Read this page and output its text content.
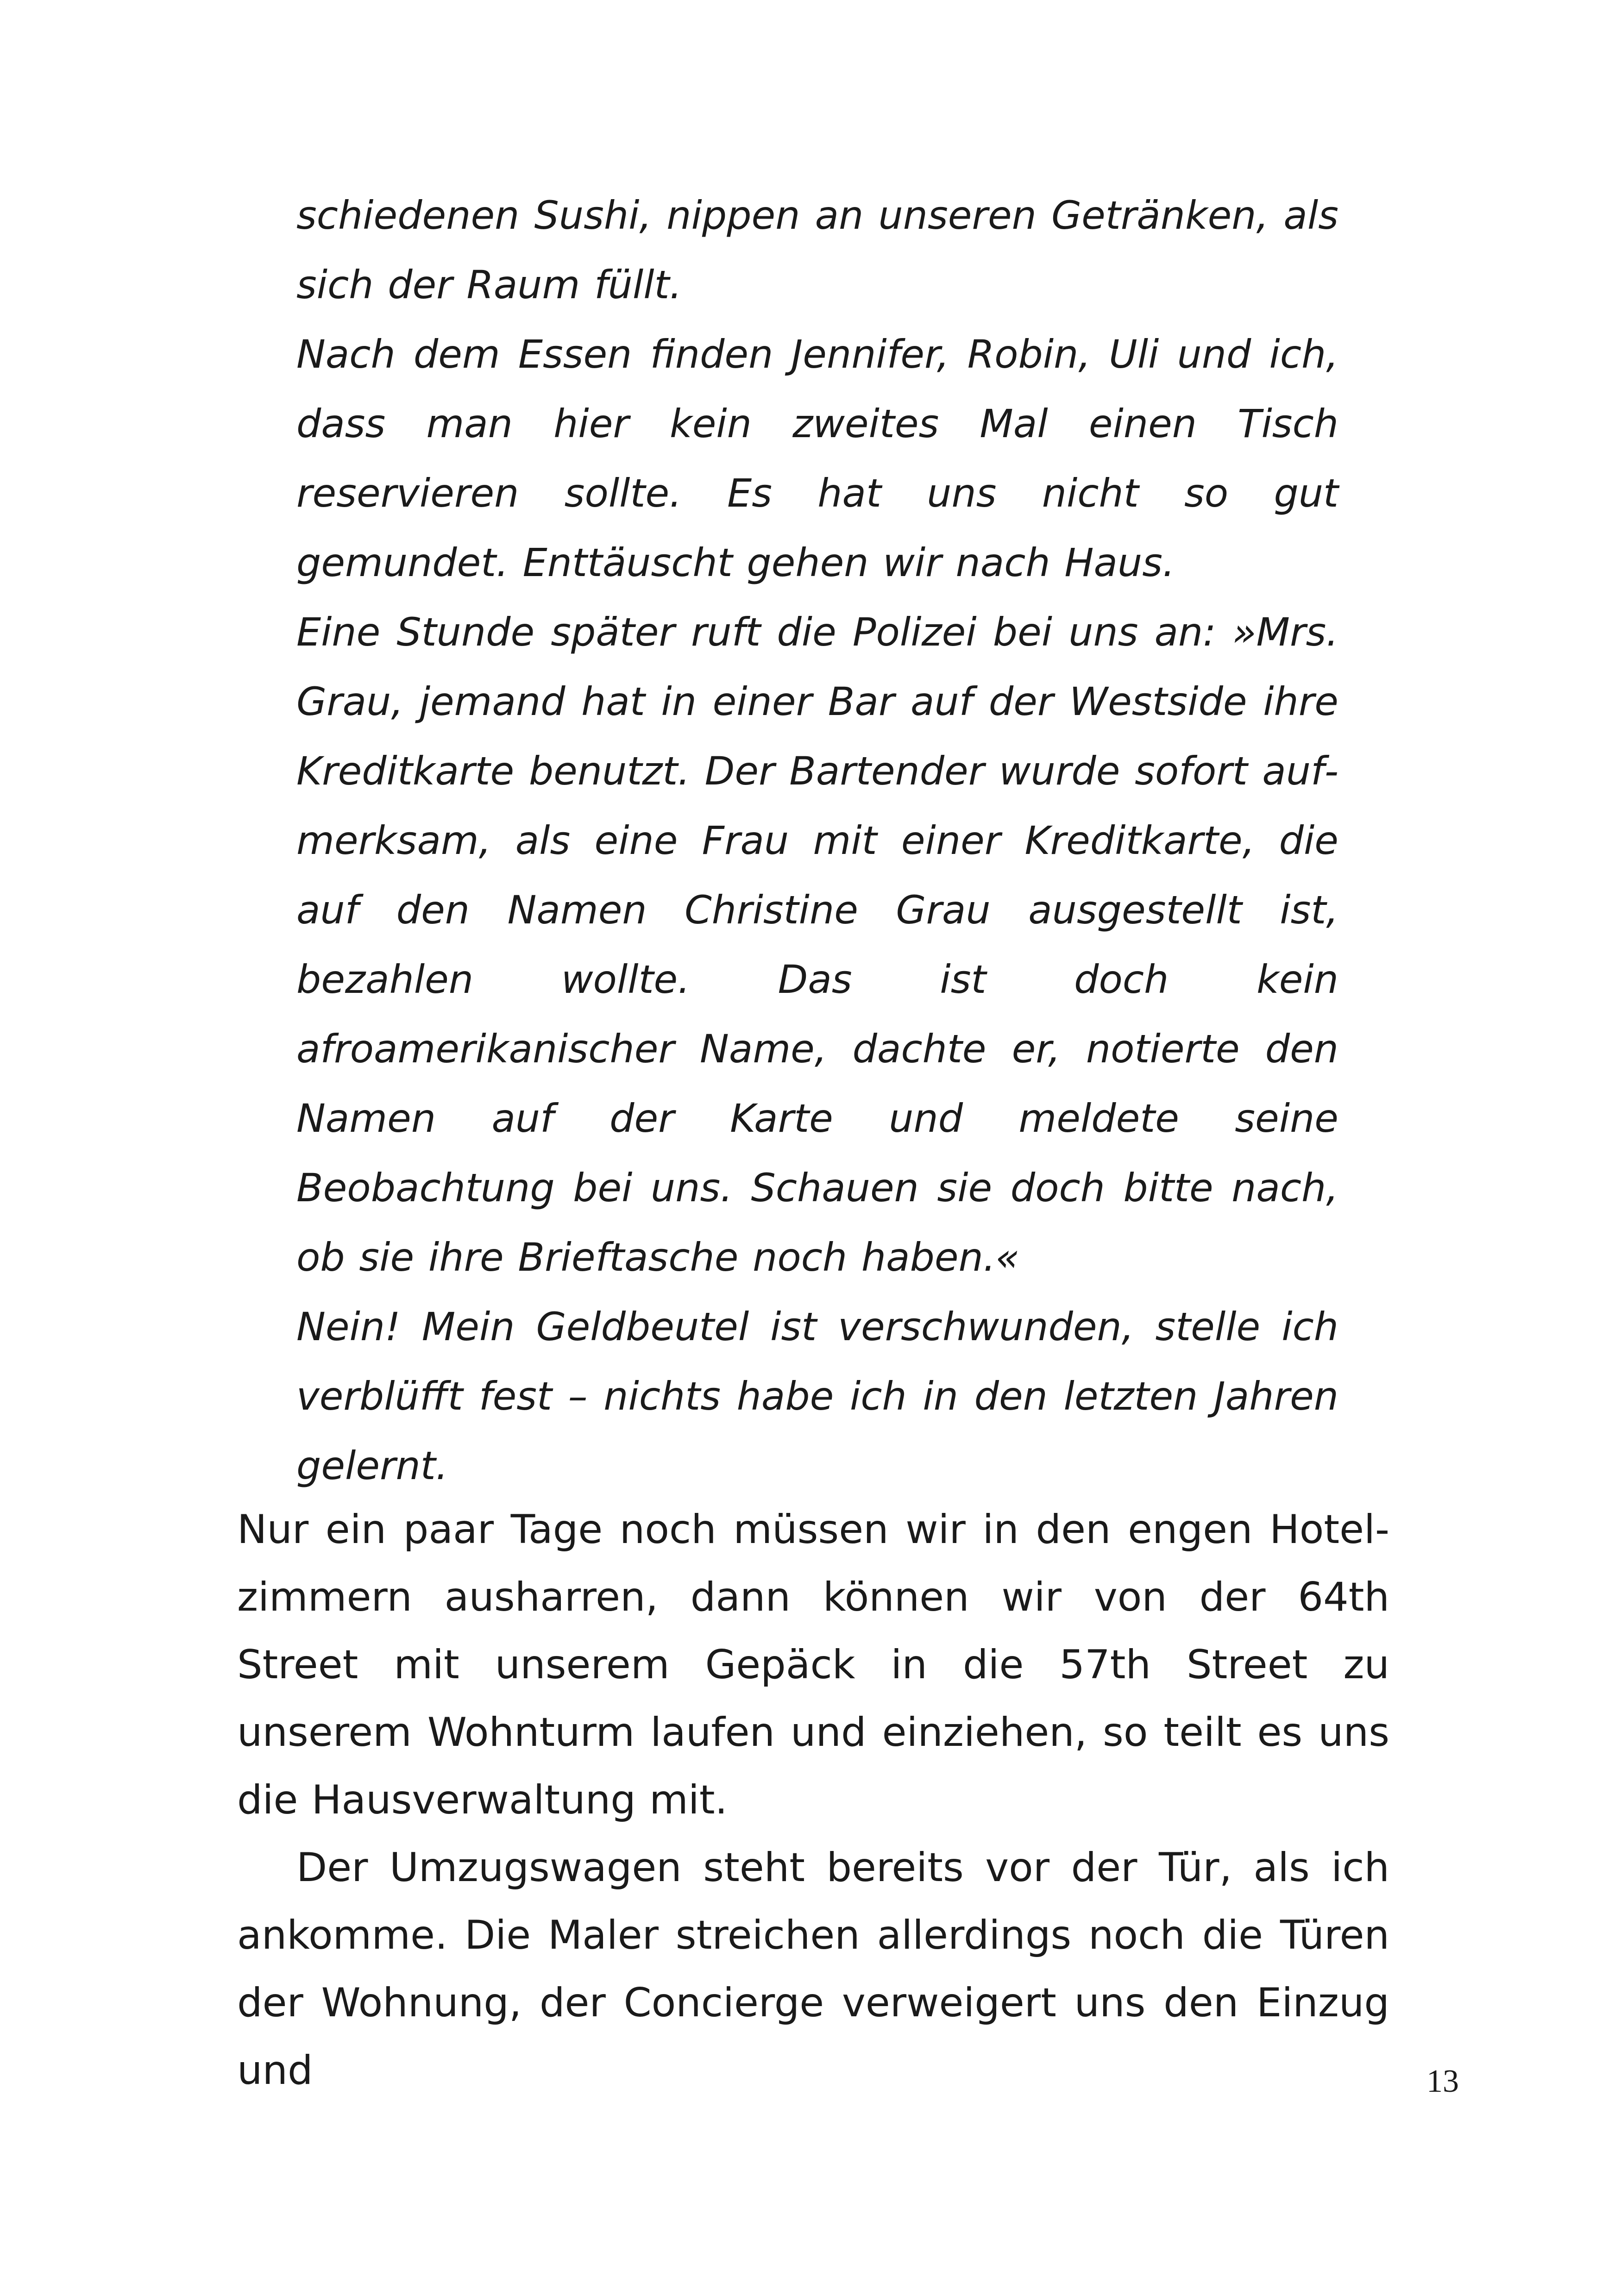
schiedenen Sushi, nippen an unseren Getränken, als sich der Raum füllt.

Nach dem Essen finden Jennifer, Robin, Uli und ich, dass man hier kein zweites Mal einen Tisch reservieren sollte. Es hat uns nicht so gut gemundet. Enttäuscht gehen wir nach Haus.

Eine Stunde später ruft die Polizei bei uns an: »Mrs. Grau, jemand hat in einer Bar auf der Westside ihre Kreditkarte benutzt. Der Bartender wurde sofort aufmerksam, als eine Frau mit einer Kreditkarte, die auf den Namen Christine Grau ausgestellt ist, bezahlen wollte. Das ist doch kein afroamerikanischer Name, dachte er, notierte den Namen auf der Karte und meldete seine Beobachtung bei uns. Schauen sie doch bitte nach, ob sie ihre Brieftasche noch haben.«

Nein! Mein Geldbeutel ist verschwunden, stelle ich verblüfft fest – nichts habe ich in den letzten Jahren gelernt.

Nur ein paar Tage noch müssen wir in den engen Hotelzimmern ausharren, dann können wir von der 64th Street mit unserem Gepäck in die 57th Street zu unserem Wohnturm laufen und einziehen, so teilt es uns die Hausverwaltung mit.

Der Umzugswagen steht bereits vor der Tür, als ich ankomme. Die Maler streichen allerdings noch die Türen der Wohnung, der Concierge verweigert uns den Einzug und	13
